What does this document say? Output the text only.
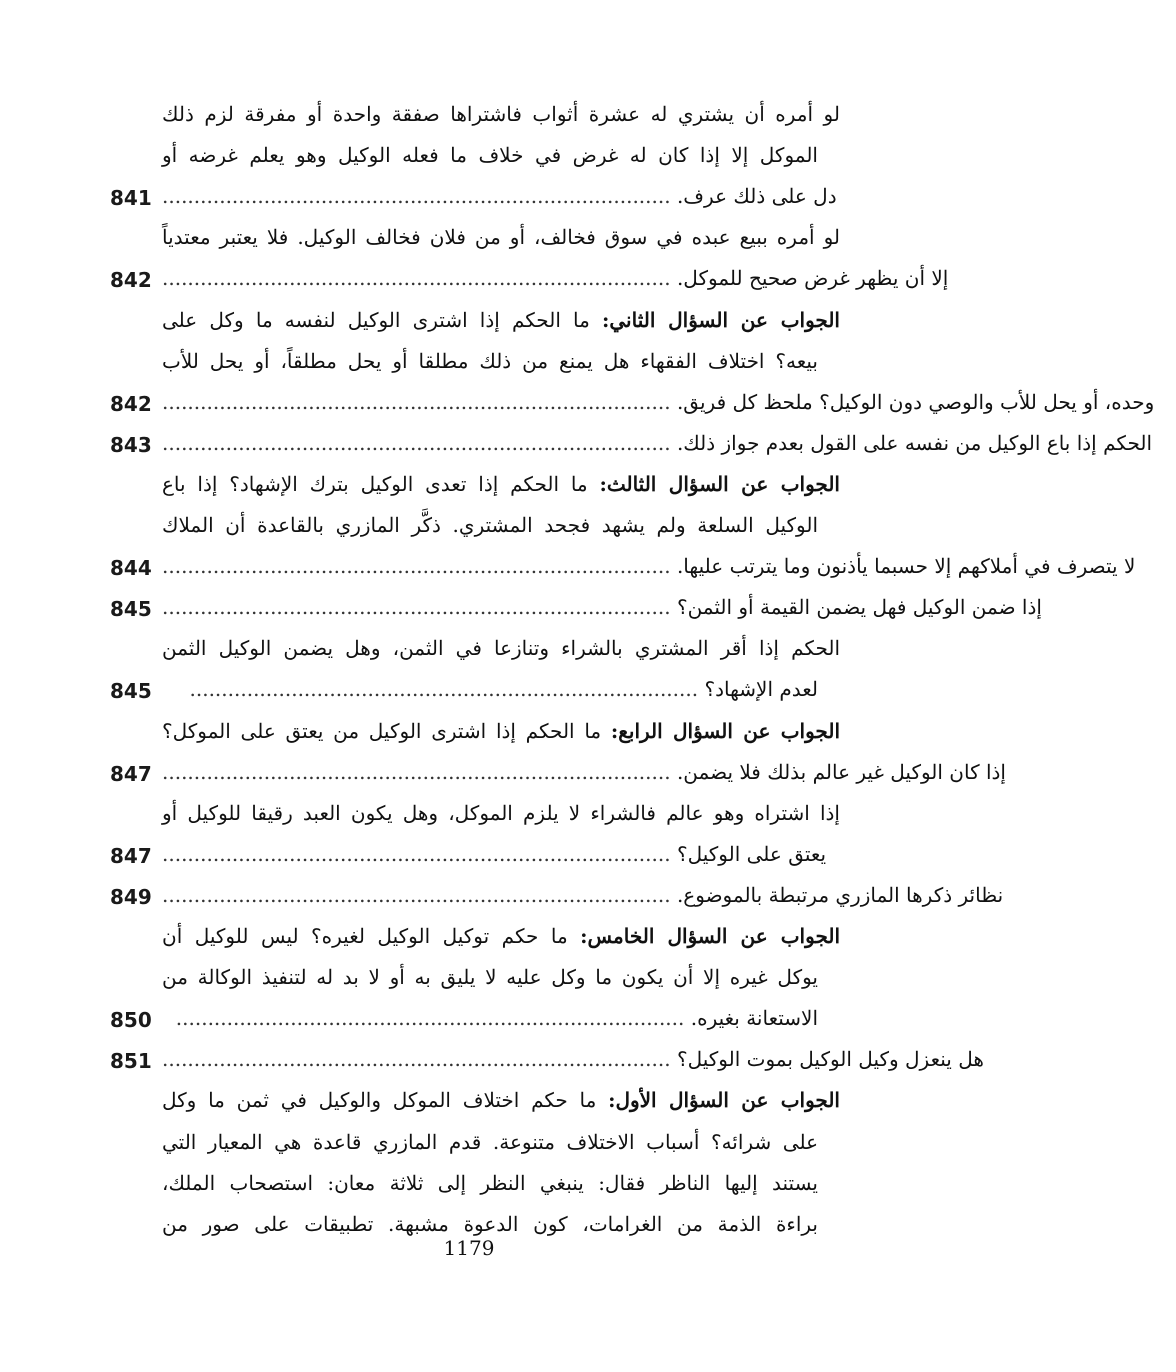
لو أمره أن يشتري له عشرة أثواب فاشتراها صفقة واحدة أو مفرقة لزم ذلك
الموكل إلا إذا كان له غرض في خلاف ما فعله الوكيل وهو يعلم غرضه أو
841	دل على ذلك عرف. ................................................................................
لو أمره ببيع عبده في سوق فخالف، أو من فلان فخالف الوكيل. فلا يعتبر معتدياً
842	إلا أن يظهر غرض صحيح للموكل. ................................................................................
الجواب عن السؤال الثاني: ما الحكم إذا اشترى الوكيل لنفسه ما وكل على
بيعه؟ اختلاف الفقهاء هل يمنع من ذلك مطلقا أو يحل مطلقاً، أو يحل للأب
842	وحده، أو يحل للأب والوصي دون الوكيل؟ ملحظ كل فريق. ................................................................................
843	الحكم إذا باع الوكيل من نفسه على القول بعدم جواز ذلك. ................................................................................
الجواب عن السؤال الثالث: ما الحكم إذا تعدى الوكيل بترك الإشهاد؟ إذا باع
الوكيل السلعة ولم يشهد فجحد المشتري. ذكَّر المازري بالقاعدة أن الملاك
844	لا يتصرف في أملاكهم إلا حسبما يأذنون وما يترتب عليها. ................................................................................
845	إذا ضمن الوكيل فهل يضمن القيمة أو الثمن؟ ................................................................................
الحكم إذا أقر المشتري بالشراء وتنازعا في الثمن، وهل يضمن الوكيل الثمن
845	لعدم الإشهاد؟ ................................................................................
الجواب عن السؤال الرابع: ما الحكم إذا اشترى الوكيل من يعتق على الموكل؟
847	إذا كان الوكيل غير عالم بذلك فلا يضمن. ................................................................................
إذا اشتراه وهو عالم فالشراء لا يلزم الموكل، وهل يكون العبد رقيقا للوكيل أو
847	يعتق على الوكيل؟ ................................................................................
849	نظائر ذكرها المازري مرتبطة بالموضوع. ................................................................................
الجواب عن السؤال الخامس: ما حكم توكيل الوكيل لغيره؟ ليس للوكيل أن
يوكل غيره إلا أن يكون ما وكل عليه لا يليق به أو لا بد له لتنفيذ الوكالة من
850	الاستعانة بغيره. ................................................................................
851	هل ينعزل وكيل الوكيل بموت الوكيل؟ ................................................................................
الجواب عن السؤال الأول: ما حكم اختلاف الموكل والوكيل في ثمن ما وكل
على شرائه؟ أسباب الاختلاف متنوعة. قدم المازري قاعدة هي المعيار التي
يستند إليها الناظر فقال: ينبغي النظر إلى ثلاثة معان: استصحاب الملك،
براءة الذمة من الغرامات، كون الدعوة مشبهة. تطبيقات على صور من
1179
